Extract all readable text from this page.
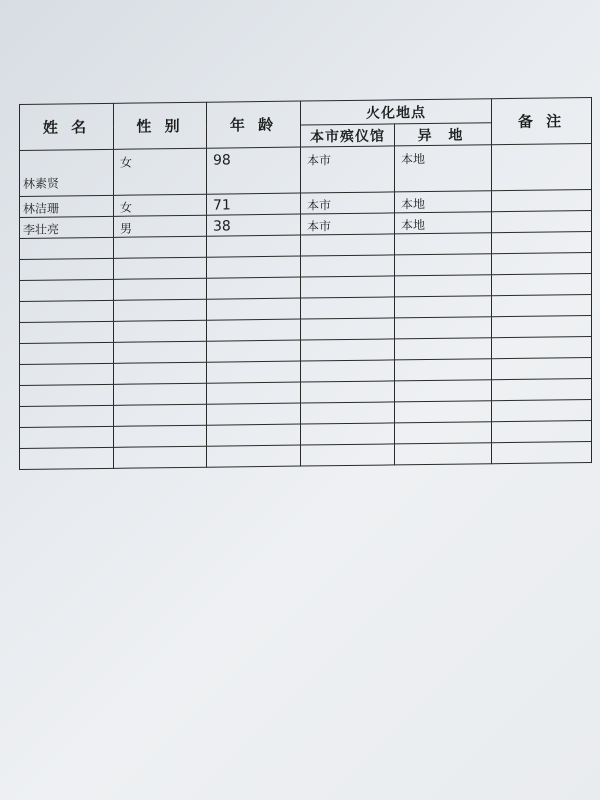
姓 名	性 别	年 龄	火化地点		备 注
			本市殡仪馆	异 地	

林素贤	女	98	本市	本地	

林洁珊	女	71	本市	本地	

李壮亮	男	38	本市	本地	
